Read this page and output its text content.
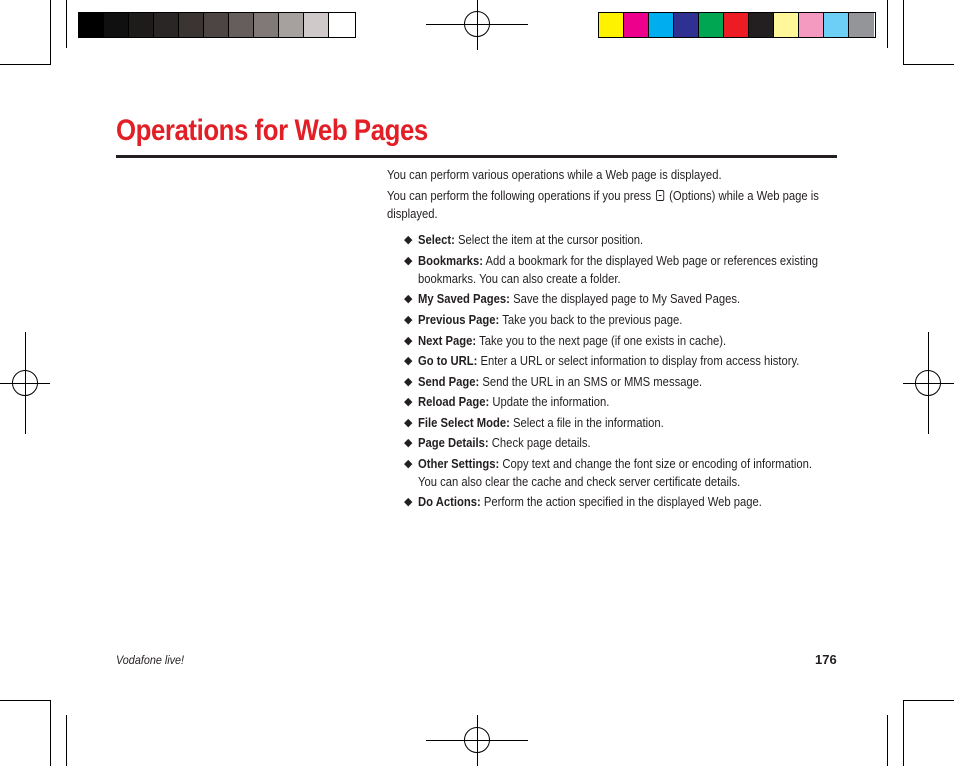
Operations for Web Pages
You can perform various operations while a Web page is displayed.
You can perform the following operations if you press  (Options) while a Web page is displayed.
◆ Select: Select the item at the cursor position.
◆ Bookmarks: Add a bookmark for the displayed Web page or references existing bookmarks. You can also create a folder.
◆ My Saved Pages: Save the displayed page to My Saved Pages.
◆ Previous Page: Take you back to the previous page.
◆ Next Page: Take you to the next page (if one exists in cache).
◆ Go to URL: Enter a URL or select information to display from access history.
◆ Send Page: Send the URL in an SMS or MMS message.
◆ Reload Page: Update the information.
◆ File Select Mode: Select a file in the information.
◆ Page Details: Check page details.
◆ Other Settings: Copy text and change the font size or encoding of information. You can also clear the cache and check server certificate details.
◆ Do Actions: Perform the action specified in the displayed Web page.
Vodafone live!	176
